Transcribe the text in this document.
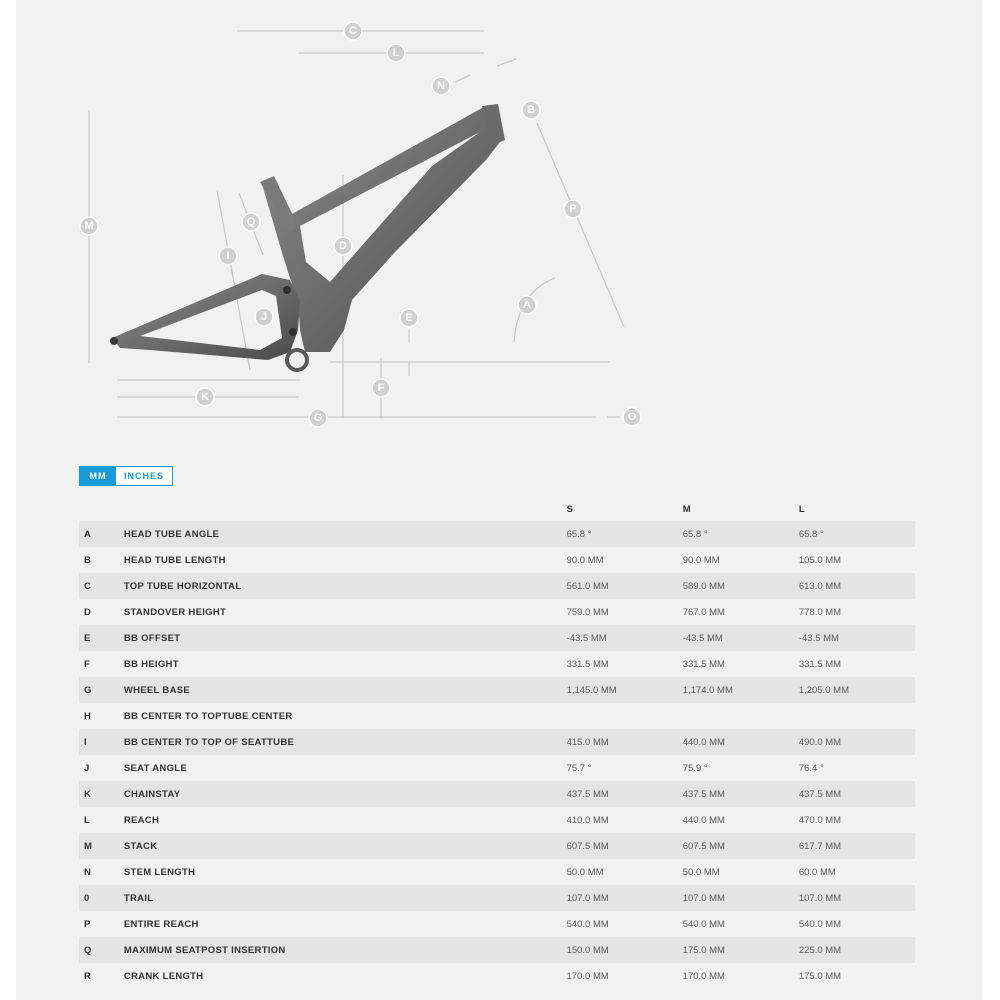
C
L
N
B
M
P
Q
D
I
A
J	E
F
K
G	O
MM	INCHES
		S	M	L
A	HEAD TUBE ANGLE	65.8 °	65.8 °	65.8 °
B	HEAD TUBE LENGTH	90.0 MM	90.0 MM	105.0 MM
C	TOP TUBE HORIZONTAL	561.0 MM	589.0 MM	613.0 MM
D	STANDOVER HEIGHT	759.0 MM	767.0 MM	778.0 MM
E	BB OFFSET	-43.5 MM	-43.5 MM	-43.5 MM
F	BB HEIGHT	331.5 MM	331.5 MM	331.5 MM
G	WHEEL BASE	1,145.0 MM	1,174.0 MM	1,205.0 MM
H	BB CENTER TO TOPTUBE CENTER			
I	BB CENTER TO TOP OF SEATTUBE	415.0 MM	440.0 MM	490.0 MM
J	SEAT ANGLE	75.7 °	75.9 °	76.4 °
K	CHAINSTAY	437.5 MM	437.5 MM	437.5 MM
L	REACH	410.0 MM	440.0 MM	470.0 MM
M	STACK	607.5 MM	607.5 MM	617.7 MM
N	STEM LENGTH	50.0 MM	50.0 MM	60.0 MM
0	TRAIL	107.0 MM	107.0 MM	107.0 MM
P	ENTIRE REACH	540.0 MM	540.0 MM	540.0 MM
Q	MAXIMUM SEATPOST INSERTION	150.0 MM	175.0 MM	225.0 MM
R	CRANK LENGTH	170.0 MM	170.0 MM	175.0 MM
